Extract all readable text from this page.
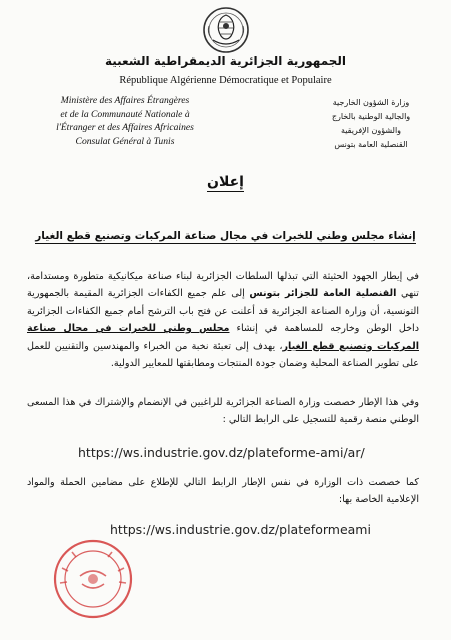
الجمهورية الجزائرية الديمقراطية الشعبية
République Algérienne Démocratique et Populaire
Ministère des Affaires Étrangères
et de la Communauté Nationale à
l'Étranger et des Affaires Africaines
Consulat Général à Tunis
وزارة الشؤون الخارجية
والجالية الوطنية بالخارج
والشؤون الإفريقية
القنصلية العامة بتونس
إعلان
إنشاء مجلس وطني للخبرات في مجال صناعة المركبات وتصنيع قطع الغيار
في إيطار الجهود الحثيثة التي تبذلها السلطات الجزائرية لبناء صناعة ميكانيكية متطورة ومستدامة، تنهي القنصلية العامة للجزائر بتونس إلى علم جميع الكفاءات الجزائرية المقيمة بالجمهورية التونسية، أن وزارة الصناعة الجزائرية قد أعلنت عن فتح باب الترشح أمام جميع الكفاءات الجزائرية داخل الوطن وخارجه للمساهمة في إنشاء مجلس وطني للخبرات في مجال صناعة المركبات وتصنيع قطع الغيار، يهدف إلى تعبئة نخبة من الخبراء والمهندسين والتقنيين للعمل على تطوير الصناعة المحلية وضمان جودة المنتجات ومطابقتها للمعايير الدولية.
وفي هذا الإطار خصصت وزارة الصناعة الجزائرية للراغبين في الإنضمام والإشتراك في هذا المسعى الوطني منصة رقمية للتسجيل على الرابط التالي :
https://ws.industrie.gov.dz/plateforme-ami/ar/
كما خصصت ذات الوزارة في نفس الإطار الرابط التالي للإطلاع على مضامين الحملة والمواد الإعلامية الخاصة بها:
https://ws.industrie.gov.dz/plateformeami
